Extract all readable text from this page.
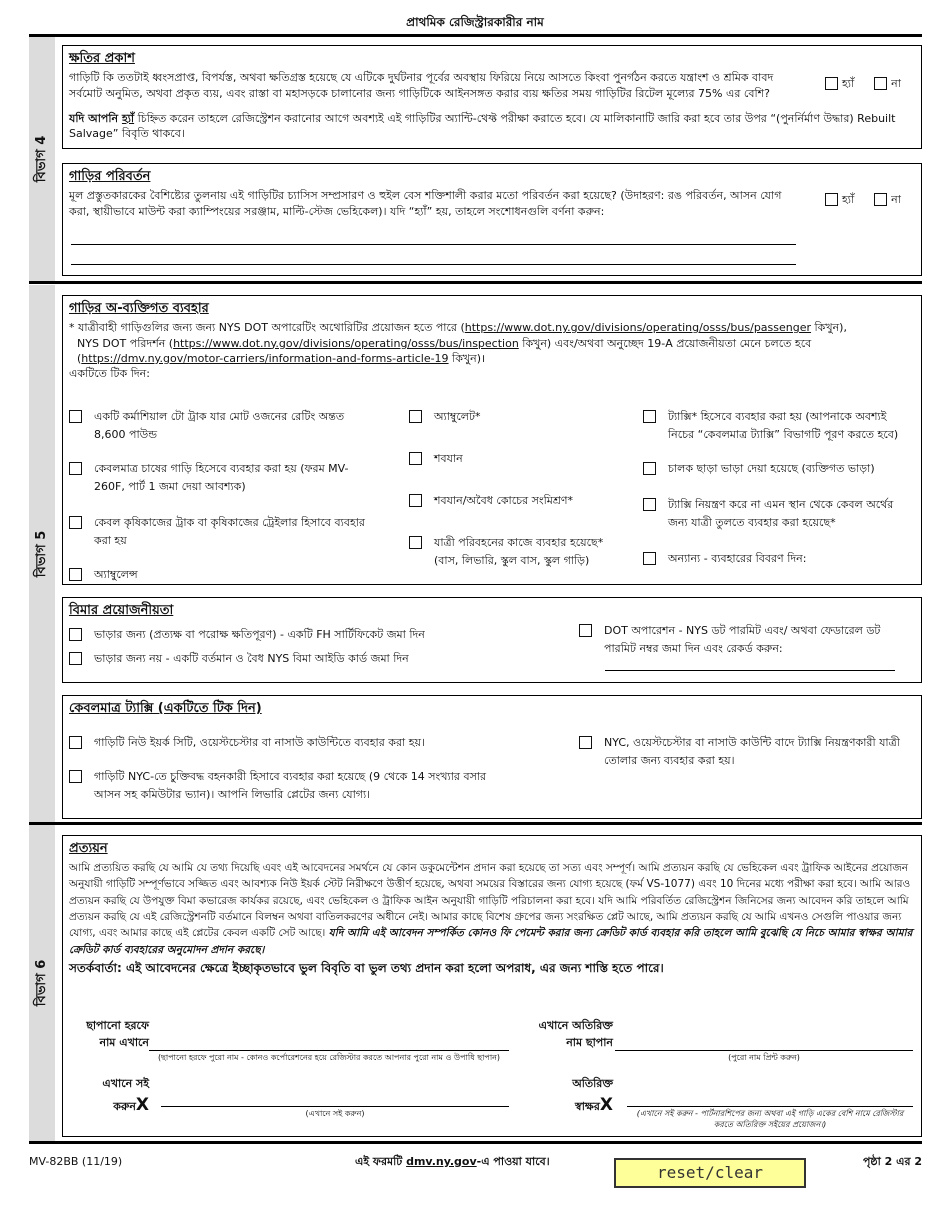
প্রাথমিক রেজিস্ট্রারকারীর নাম
বিভাগ 4
ক্ষতির প্রকাশ

গাড়িটি কি ততটাই ধ্বংসপ্রাপ্ত, বিপর্যস্ত, অথবা ক্ষতিগ্রস্ত হয়েছে যে এটিকে দুর্ঘটনার পূর্বের অবস্থায় ফিরিয়ে নিয়ে আসতে কিংবা পুনর্গঠন করতে যন্ত্রাংশ ও শ্রমিক বাবদ সর্বমোট অনুমিত, অথবা প্রকৃত ব্যয়, এবং রাস্তা বা মহাসড়কে চালানোর জন্য গাড়িটিকে আইনসঙ্গত করার ব্যয় ক্ষতির সময় গাড়িটির রিটেল মূল্যের 75% এর বেশি?

যদি আপনি হ্যাঁ চিহ্নিত করেন তাহলে রেজিস্ট্রেশন করানোর আগে অবশ্যই এই গাড়িটির অ্যান্টি-থেফ্ট পরীক্ষা করাতে হবে। যে মালিকানাটি জারি করা হবে তার উপর “(পুনর্নির্মাণ উদ্ধার) Rebuilt Salvage” বিবৃতি থাকবে।

হ্যাঁ	না
গাড়ির পরিবর্তন

মূল প্রস্তুতকারকের বৈশিষ্ট্যের তুলনায় এই গাড়িটির চ্যাসিস সম্প্রসারণ ও হুইল বেস শক্তিশালী করার মতো পরিবর্তন করা হয়েছে? (উদাহরণ: রঙ পরিবর্তন, আসন যোগ করা, স্থায়ীভাবে মাউন্ট করা ক্যাম্পিংয়ের সরঞ্জাম, মাল্টি-স্টেজ ভেহিকেল)। যদি “হ্যাঁ” হয়, তাহলে সংশোধনগুলি বর্ণনা করুন:

হ্যাঁ	না
বিভাগ 5
গাড়ির অ-ব্যক্তিগত ব্যবহার

* যাত্রীবাহী গাড়িগুলির জন্য জন্য NYS DOT অপারেটিং অথোরিটির প্রয়োজন হতে পারে (https://www.dot.ny.gov/divisions/operating/osss/bus/passenger কিখুন),

NYS DOT পরিদর্শন (https://www.dot.ny.gov/divisions/operating/osss/bus/inspection কিখুন) এবং/অথবা অনুচ্ছেদ 19-A প্রয়োজনীয়তা মেনে চলতে হবে

(https://dmv.ny.gov/motor-carriers/information-and-forms-article-19 কিখুন)।

একটিতে টিক দিন:

একটি কর্মাশিয়াল টো ট্রাক যার মোট ওজনের রেটিং অন্তত 8,600 পাউন্ড
কেবলমাত্র চাষের গাড়ি হিসেবে ব্যবহার করা হয় (ফরম MV-260F, পার্ট 1 জমা দেয়া আবশ্যক)
কেবল কৃষিকাজের ট্রাক বা কৃষিকাজের ট্রেইলার হিসাবে ব্যবহার করা হয়
অ্যাম্বুলেন্স
অ্যাম্বুলেট*
শবযান
শবযান/অবৈধ কোচের সংমিশ্রণ*
যাত্রী পরিবহনের কাজে ব্যবহার হয়েছে* (বাস, লিভারি, স্কুল বাস, স্কুল গাড়ি)
ট্যাক্সি* হিসেবে ব্যবহার করা হয় (আপনাকে অবশ্যই নিচের “কেবলমাত্র ট্যাক্সি” বিভাগটি পূরণ করতে হবে)
চালক ছাড়া ভাড়া দেয়া হয়েছে (ব্যক্তিগত ভাড়া)
ট্যাক্সি নিয়ন্ত্রণ করে না এমন স্থান থেকে কেবল অর্থের জন্য যাত্রী তুলতে ব্যবহার করা হয়েছে*
অন্যান্য - ব্যবহারের বিবরণ দিন:
বিমার প্রয়োজনীয়তা
ভাড়ার জন্য (প্রত্যক্ষ বা পরোক্ষ ক্ষতিপূরণ) - একটি FH সার্টিফিকেট জমা দিন
ভাড়ার জন্য নয় - একটি বর্তমান ও বৈধ NYS বিমা আইডি কার্ড জমা দিন
DOT অপারেশন - NYS ডট পারমিট এবং/ অথবা ফেডারেল ডট পারমিট নম্বর জমা দিন এবং রেকর্ড করুন:
কেবলমাত্র ট্যাক্সি (একটিতে টিক দিন)
গাড়িটি নিউ ইয়র্ক সিটি, ওয়েস্টচেস্টার বা নাসাউ কাউন্টিতে ব্যবহার করা হয়।
গাড়িটি NYC-তে চুক্তিবদ্ধ বহনকারী হিসাবে ব্যবহার করা হয়েছে (9 থেকে 14 সংখ্যার বসার আসন সহ কমিউটার ভ্যান)। আপনি লিভারি প্লেটের জন্য যোগ্য।
NYC, ওয়েস্টচেস্টার বা নাসাউ কাউন্টি বাদে ট্যাক্সি নিয়ন্ত্রণকারী যাত্রী তোলার জন্য ব্যবহার করা হয়।
বিভাগ 6
প্রত্যয়ন

আমি প্রত্যয়িত করছি যে আমি যে তথ্য দিয়েছি এবং এই আবেদনের সমর্থনে যে কোন ডকুমেন্টেশন প্রদান করা হয়েছে তা সত্য এবং সম্পূর্ণ। আমি প্রত্যয়ন করছি যে ভেহিকেল এবং ট্রাফিক আইনের প্রয়োজন অনুযায়ী গাড়িটি সম্পূর্ণভাবে সজ্জিত এবং আবশ্যক নিউ ইয়র্ক স্টেট নিরীক্ষণে উত্তীর্ণ হয়েছে, অথবা সময়ের বিস্তারের জন্য যোগ্য হয়েছে (ফর্ম VS-1077) এবং 10 দিনের মধ্যে পরীক্ষা করা হবে। আমি আরও প্রত্যয়ন করছি যে উপযুক্ত বিমা কভারেজ কার্যকর রয়েছে, এবং ভেহিকেল ও ট্রাফিক আইন অনুযায়ী গাড়িটি পরিচালনা করা হবে। যদি আমি পরিবর্তিত রেজিস্ট্রেশন জিনিসের জন্য আবেদন করি তাহলে আমি প্রত্যয়ন করছি যে এই রেজিস্ট্রেশনটি বর্তমানে বিলম্বন অথবা বাতিলকরণের অধীনে নেই। আমার কাছে বিশেষ গ্রুপের জন্য সংরক্ষিত প্লেট আছে, আমি প্রত্যয়ন করছি যে আমি এখনও সেগুলি পাওয়ার জন্য যোগ্য, এবং আমার কাছে এই প্লেটের কেবল একটি সেট আছে। যদি আমি এই আবেদন সম্পর্কিত কোনও ফি পেমেন্ট করার জন্য ক্রেডিট কার্ড ব্যবহার করি তাহলে আমি বুঝেছি যে নিচে আমার স্বাক্ষর আমার ক্রেডিট কার্ড ব্যবহারের অনুমোদন প্রদান করছে।

সতর্কবার্তা: এই আবেদনের ক্ষেত্রে ইচ্ছাকৃতভাবে ভুল বিবৃতি বা ভুল তথ্য প্রদান করা হলো অপরাধ, এর জন্য শাস্তি হতে পারে।

ছাপানো হরফে
নাম এখানে
(ছাপানো হরফে পুরো নাম - কোনও কর্পোরেশনের হয়ে রেজিস্টার করতে আপনার পুরো নাম ও উপাধি ছাপান)
এখানে অতিরিক্ত
নাম ছাপান
(পুরো নাম প্রিন্ট করুন)
এখানে সই
করুনX	(এখানে সই করুন)
অতিরিক্ত
স্বাক্ষরX	(এখানে সই করুন - পার্টনারশিপের জন্য অথবা এই গাড়ি একের বেশি নামে রেজিস্টার করতে অতিরিক্ত সইয়ের প্রয়োজন।)
MV-82BB (11/19)	এই ফরমটি dmv.ny.gov-এ পাওয়া যাবে।	পৃষ্ঠা 2 এর 2
reset/clear
